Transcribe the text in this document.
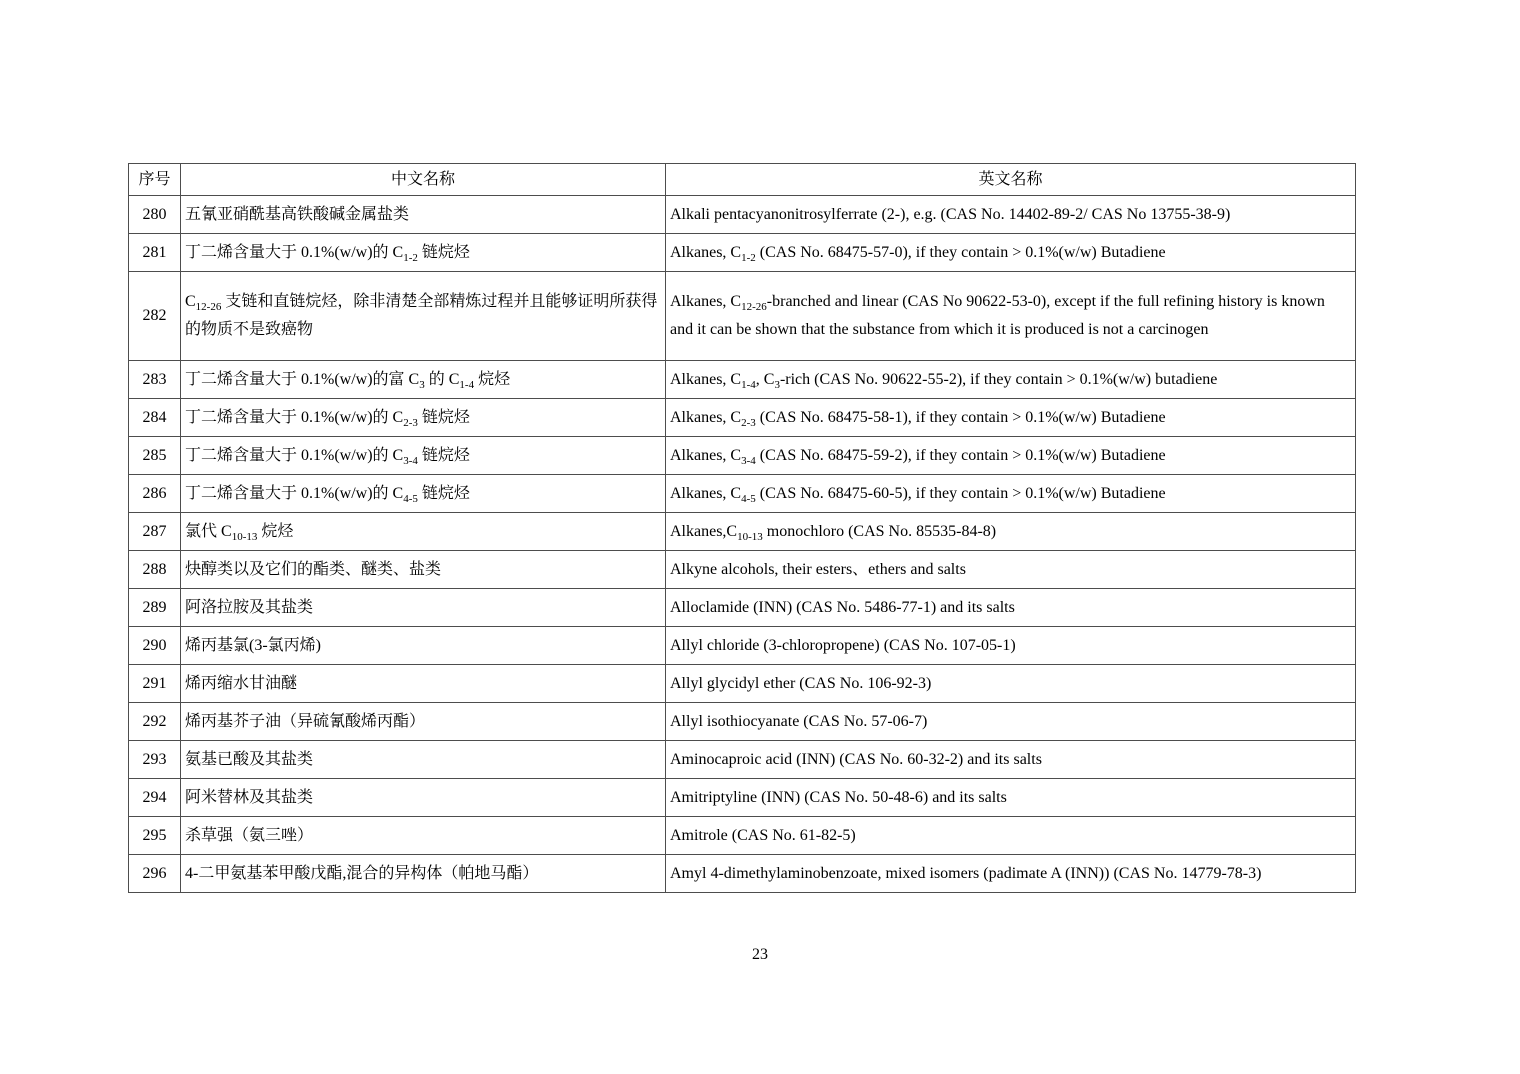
序号	中文名称	英文名称
280	五氰亚硝酰基高铁酸碱金属盐类	Alkali pentacyanonitrosylferrate (2-), e.g. (CAS No. 14402-89-2/ CAS No 13755-38-9)
281	丁二烯含量大于 0.1%(w/w)的 $C_{1-2}$ 链烷烃	Alkanes, $C_{1-2}$ (CAS No. 68475-57-0), if they contain > 0.1%(w/w) Butadiene
282	$C_{12-26}$ 支链和直链烷烃，除非清楚全部精炼过程并且能够证明所获得的物质不是致癌物	Alkanes, $C_{12-26}$-branched and linear (CAS No 90622-53-0), except if the full refining history is known and it can be shown that the substance from which it is produced is not a carcinogen
283	丁二烯含量大于 0.1%(w/w)的富 $C_3$ 的 $C_{1-4}$ 烷烃	Alkanes, $C_{1-4}$, $C_3$-rich (CAS No. 90622-55-2), if they contain > 0.1%(w/w) butadiene
284	丁二烯含量大于 0.1%(w/w)的 $C_{2-3}$ 链烷烃	Alkanes, $C_{2-3}$ (CAS No. 68475-58-1), if they contain > 0.1%(w/w) Butadiene
285	丁二烯含量大于 0.1%(w/w)的 $C_{3-4}$ 链烷烃	Alkanes, $C_{3-4}$ (CAS No. 68475-59-2), if they contain > 0.1%(w/w) Butadiene
286	丁二烯含量大于 0.1%(w/w)的 $C_{4-5}$ 链烷烃	Alkanes, $C_{4-5}$ (CAS No. 68475-60-5), if they contain > 0.1%(w/w) Butadiene
287	氯代 $C_{10-13}$ 烷烃	$Alkanes,C_{10-13}$ monochloro (CAS No. 85535-84-8)
288	炔醇类以及它们的酯类、醚类、盐类	Alkyne alcohols, their esters、ethers and salts
289	阿洛拉胺及其盐类	Alloclamide (INN) (CAS No. 5486-77-1) and its salts
290	烯丙基氯(3-氯丙烯)	Allyl chloride (3-chloropropene) (CAS No. 107-05-1)
291	烯丙缩水甘油醚	Allyl glycidyl ether (CAS No. 106-92-3)
292	烯丙基芥子油（异硫氰酸烯丙酯）	Allyl isothiocyanate (CAS No. 57-06-7)
293	氨基已酸及其盐类	Aminocaproic acid (INN) (CAS No. 60-32-2) and its salts
294	阿米替林及其盐类	Amitriptyline (INN) (CAS No. 50-48-6) and its salts
295	杀草强（氨三唑）	Amitrole (CAS No. 61-82-5)
296	4-二甲氨基苯甲酸戊酯,混合的异构体（帕地马酯）	Amyl 4-dimethylaminobenzoate, mixed isomers (padimate A (INN)) (CAS No. 14779-78-3)
23
